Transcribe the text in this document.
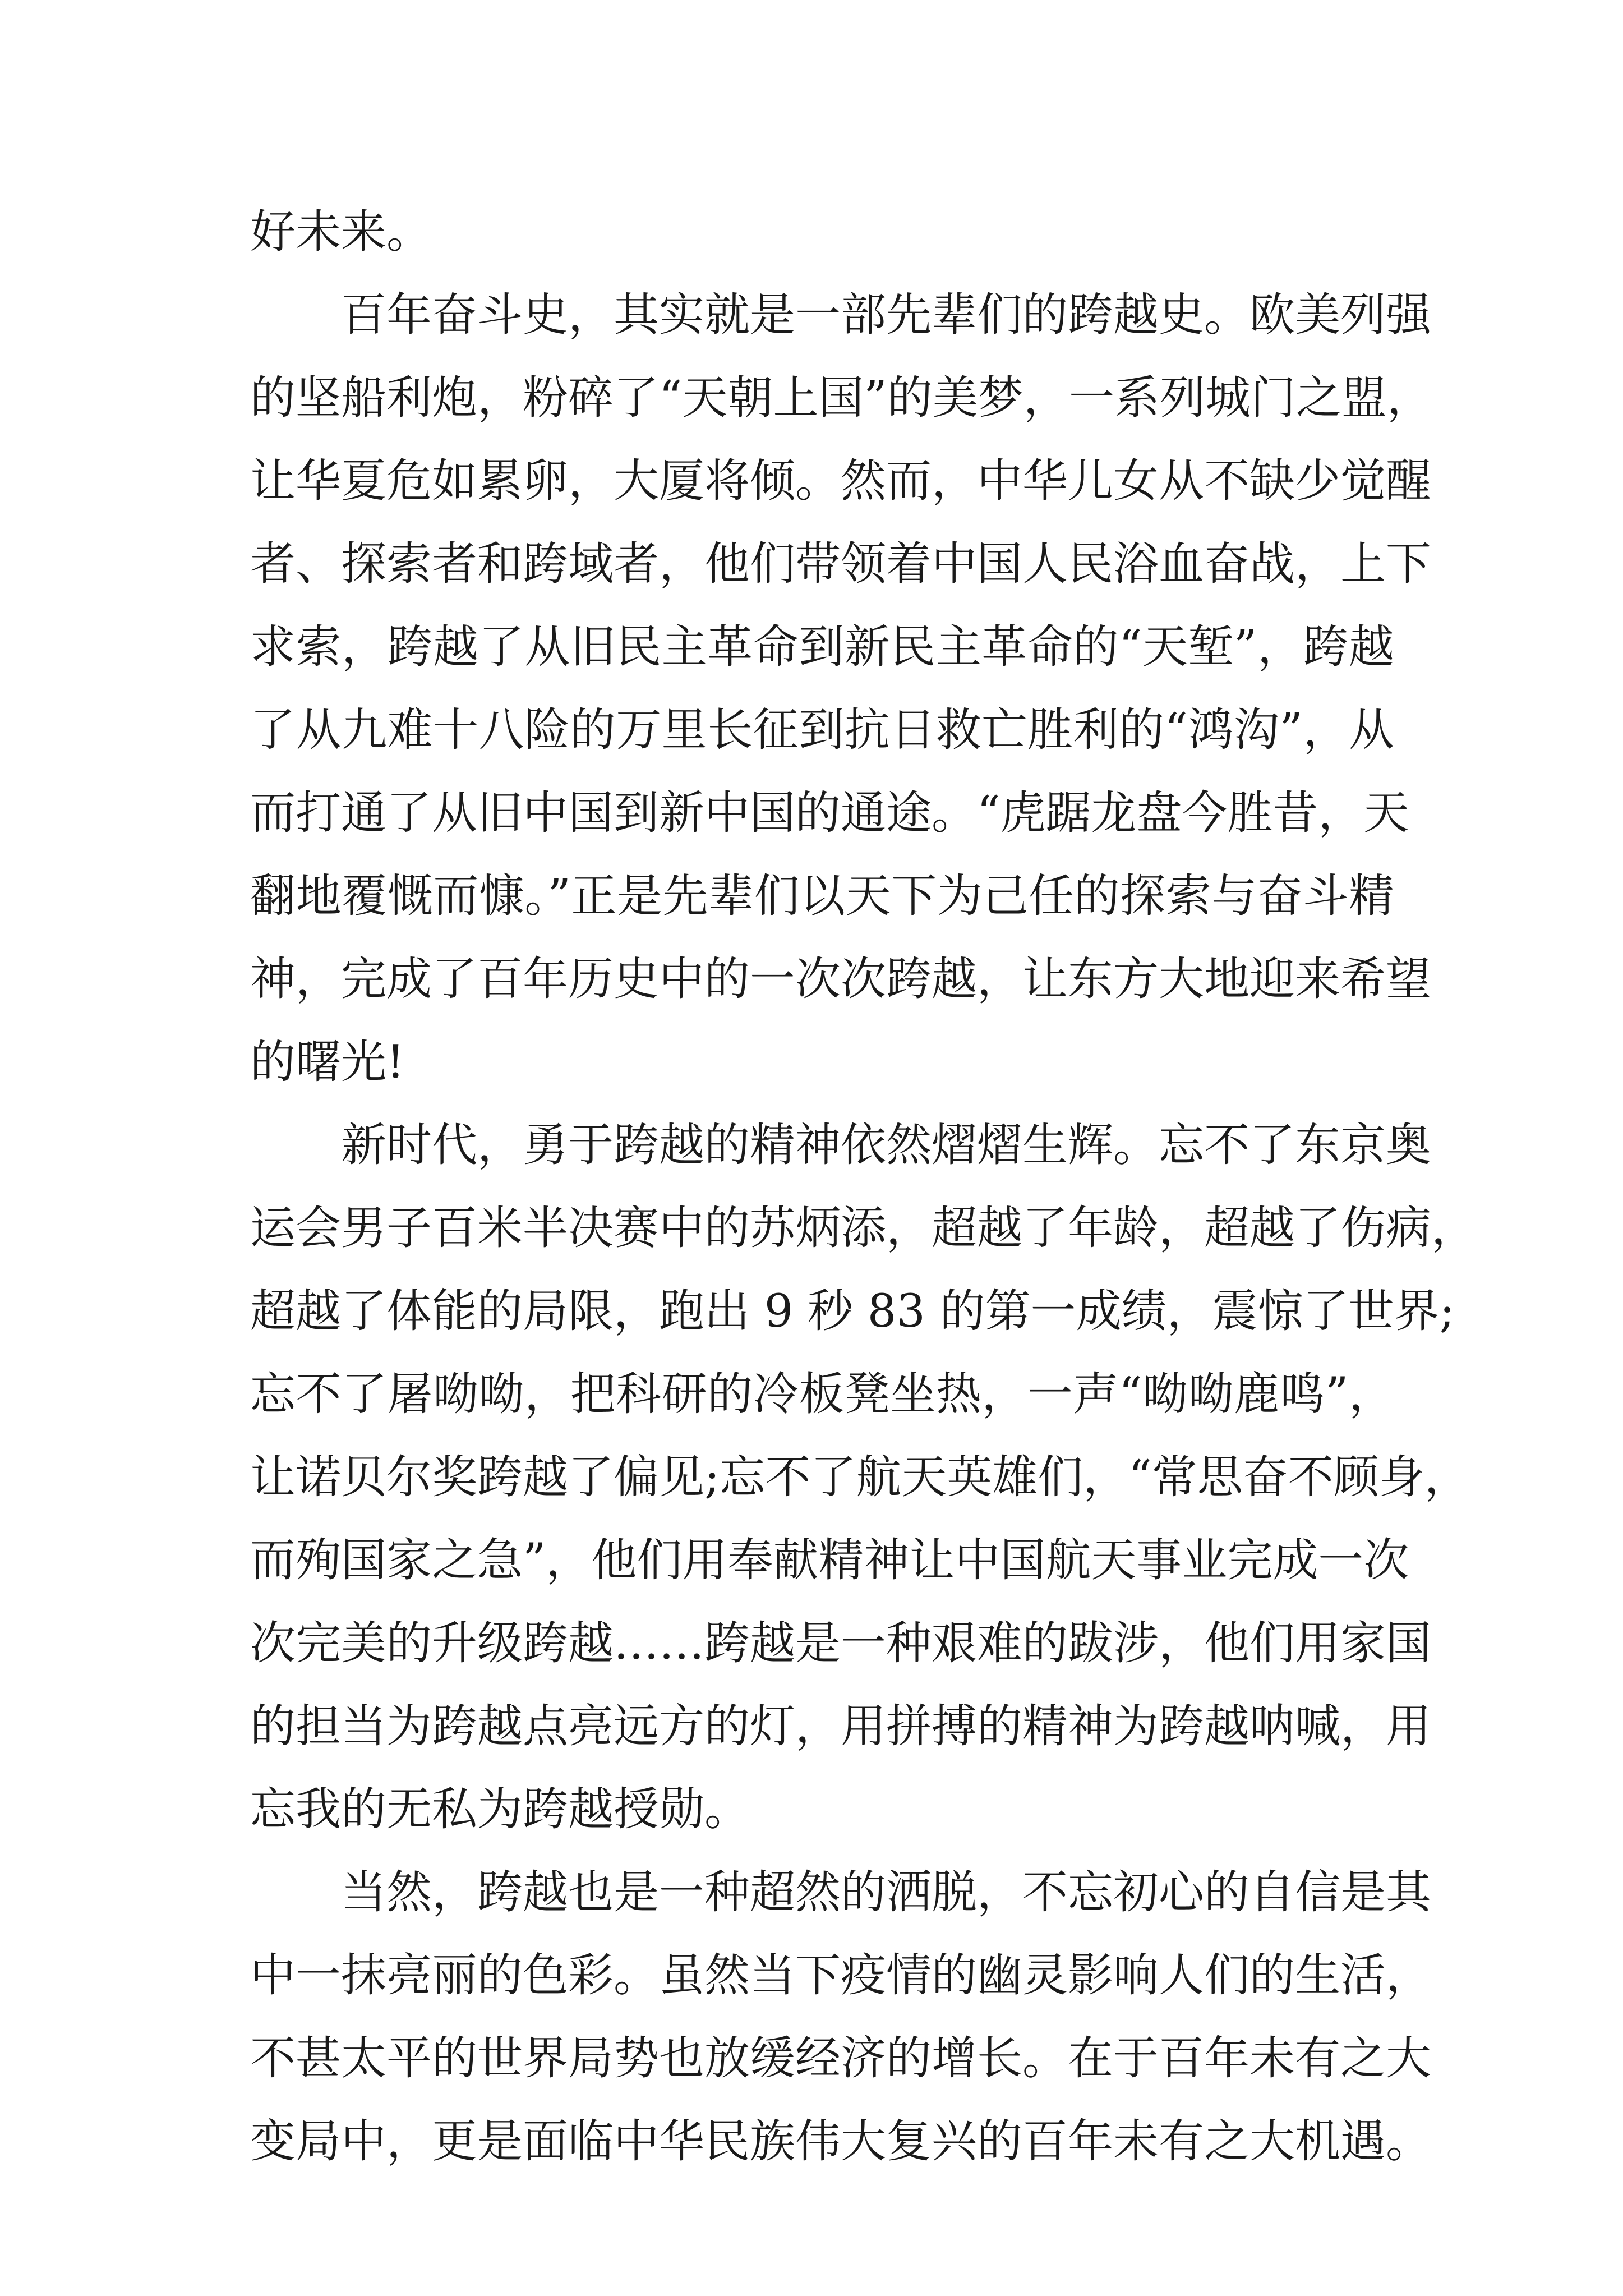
好未来。
百年奋斗史，其实就是一部先辈们的跨越史。欧美列强
的坚船利炮，粉碎了“天朝上国”的美梦，一系列城门之盟，
让华夏危如累卵，大厦将倾。然而，中华儿女从不缺少觉醒
者、探索者和跨域者，他们带领着中国人民浴血奋战，上下
求索，跨越了从旧民主革命到新民主革命的“天堑”，跨越
了从九难十八险的万里长征到抗日救亡胜利的“鸿沟”，从
而打通了从旧中国到新中国的通途。“虎踞龙盘今胜昔，天
翻地覆慨而慷。”正是先辈们以天下为己任的探索与奋斗精
神，完成了百年历史中的一次次跨越，让东方大地迎来希望
的曙光!
新时代，勇于跨越的精神依然熠熠生辉。忘不了东京奥
运会男子百米半决赛中的苏炳添，超越了年龄，超越了伤病，
超越了体能的局限，跑出 9 秒 83 的第一成绩，震惊了世界;
忘不了屠呦呦，把科研的冷板凳坐热，一声“呦呦鹿鸣”，
让诺贝尔奖跨越了偏见;忘不了航天英雄们，“常思奋不顾身，
而殉国家之急”，他们用奉献精神让中国航天事业完成一次
次完美的升级跨越……跨越是一种艰难的跋涉，他们用家国
的担当为跨越点亮远方的灯，用拼搏的精神为跨越呐喊，用
忘我的无私为跨越授勋。
当然，跨越也是一种超然的洒脱，不忘初心的自信是其
中一抹亮丽的色彩。虽然当下疫情的幽灵影响人们的生活，
不甚太平的世界局势也放缓经济的增长。在于百年未有之大
变局中，更是面临中华民族伟大复兴的百年未有之大机遇。
